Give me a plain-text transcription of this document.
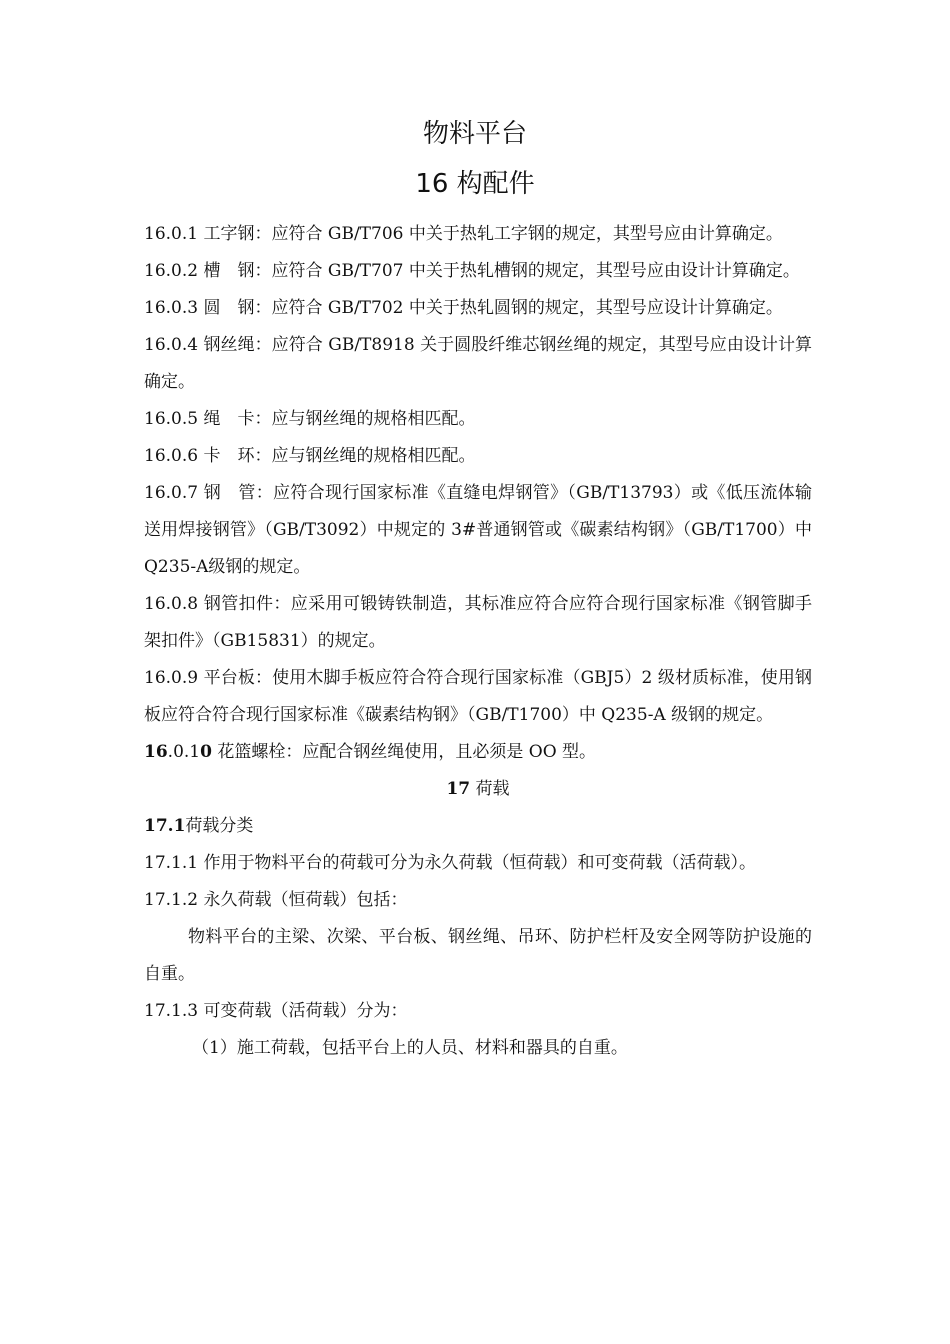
物料平台
16 构配件

16.0.1 工字钢：应符合 GB/T706 中关于热轧工字钢的规定，其型号应由计算确定。

16.0.2 槽　钢：应符合 GB/T707 中关于热轧槽钢的规定，其型号应由设计计算确定。

16.0.3 圆　钢：应符合 GB/T702 中关于热轧圆钢的规定，其型号应设计计算确定。

16.0.4 钢丝绳：应符合 GB/T8918 关于圆股纤维芯钢丝绳的规定，其型号应由设计计算确定。

16.0.5 绳　卡：应与钢丝绳的规格相匹配。

16.0.6 卡　环：应与钢丝绳的规格相匹配。

16.0.7 钢　管：应符合现行国家标准《直缝电焊钢管》（GB/T13793）或《低压流体输送用焊接钢管》（GB/T3092）中规定的 3#普通钢管或《碳素结构钢》（GB/T1700）中Q235-A级钢的规定。

16.0.8 钢管扣件：应采用可锻铸铁制造，其标准应符合应符合现行国家标准《钢管脚手架扣件》（GB15831）的规定。

16.0.9 平台板：使用木脚手板应符合符合现行国家标准（GBJ5）2 级材质标准，使用钢板应符合符合现行国家标准《碳素结构钢》（GB/T1700）中 Q235-A 级钢的规定。

16.0.10 花篮螺栓：应配合钢丝绳使用，且必须是 OO 型。

17 荷载

17.1荷载分类

17.1.1 作用于物料平台的荷载可分为永久荷载（恒荷载）和可变荷载（活荷载）。

17.1.2 永久荷载（恒荷载）包括：

物料平台的主梁、次梁、平台板、钢丝绳、吊环、防护栏杆及安全网等防护设施的自重。

17.1.3 可变荷载（活荷载）分为：

（1）施工荷载，包括平台上的人员、材料和器具的自重。
